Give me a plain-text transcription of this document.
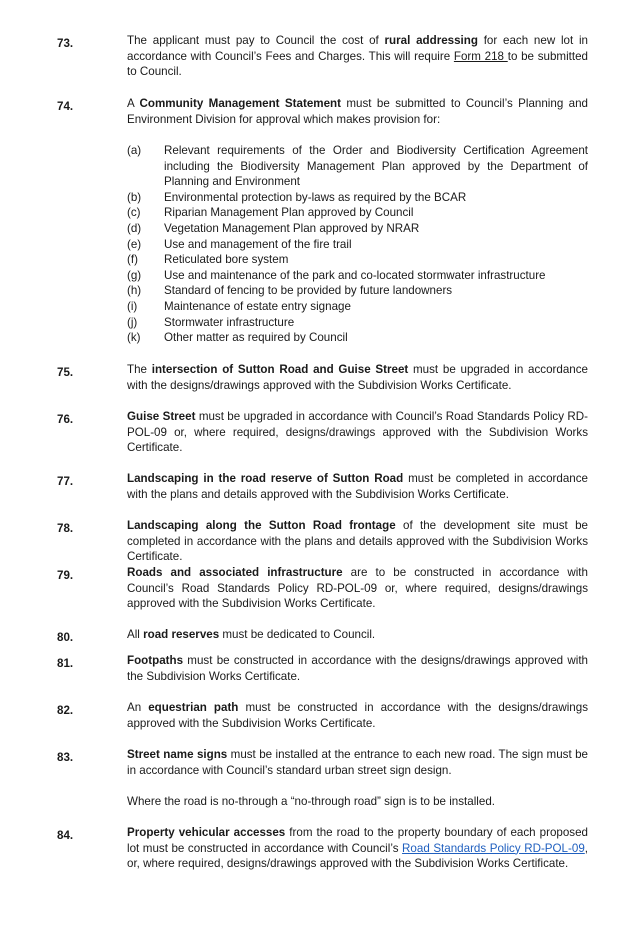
73.	The applicant must pay to Council the cost of rural addressing for each new lot in accordance with Council’s Fees and Charges. This will require Form 218 to be submitted to Council.
74.	A Community Management Statement must be submitted to Council’s Planning and Environment Division for approval which makes provision for:
(a) Relevant requirements of the Order and Biodiversity Certification Agreement including the Biodiversity Management Plan approved by the Department of Planning and Environment
(b) Environmental protection by-laws as required by the BCAR
(c) Riparian Management Plan approved by Council
(d) Vegetation Management Plan approved by NRAR
(e) Use and management of the fire trail
(f) Reticulated bore system
(g) Use and maintenance of the park and co-located stormwater infrastructure
(h) Standard of fencing to be provided by future landowners
(i) Maintenance of estate entry signage
(j) Stormwater infrastructure
(k) Other matter as required by Council
75.	The intersection of Sutton Road and Guise Street must be upgraded in accordance with the designs/drawings approved with the Subdivision Works Certificate.
76.	Guise Street must be upgraded in accordance with Council’s Road Standards Policy RD-POL-09 or, where required, designs/drawings approved with the Subdivision Works Certificate.
77.	Landscaping in the road reserve of Sutton Road must be completed in accordance with the plans and details approved with the Subdivision Works Certificate.
78.	Landscaping along the Sutton Road frontage of the development site must be completed in accordance with the plans and details approved with the Subdivision Works Certificate.
79.	Roads and associated infrastructure are to be constructed in accordance with Council’s Road Standards Policy RD-POL-09 or, where required, designs/drawings approved with the Subdivision Works Certificate.
80.	All road reserves must be dedicated to Council.
81.	Footpaths must be constructed in accordance with the designs/drawings approved with the Subdivision Works Certificate.
82.	An equestrian path must be constructed in accordance with the designs/drawings approved with the Subdivision Works Certificate.
83.	Street name signs must be installed at the entrance to each new road. The sign must be in accordance with Council’s standard urban street sign design.
Where the road is no-through a “no-through road” sign is to be installed.
84.	Property vehicular accesses from the road to the property boundary of each proposed lot must be constructed in accordance with Council’s Road Standards Policy RD-POL-09, or, where required, designs/drawings approved with the Subdivision Works Certificate.
